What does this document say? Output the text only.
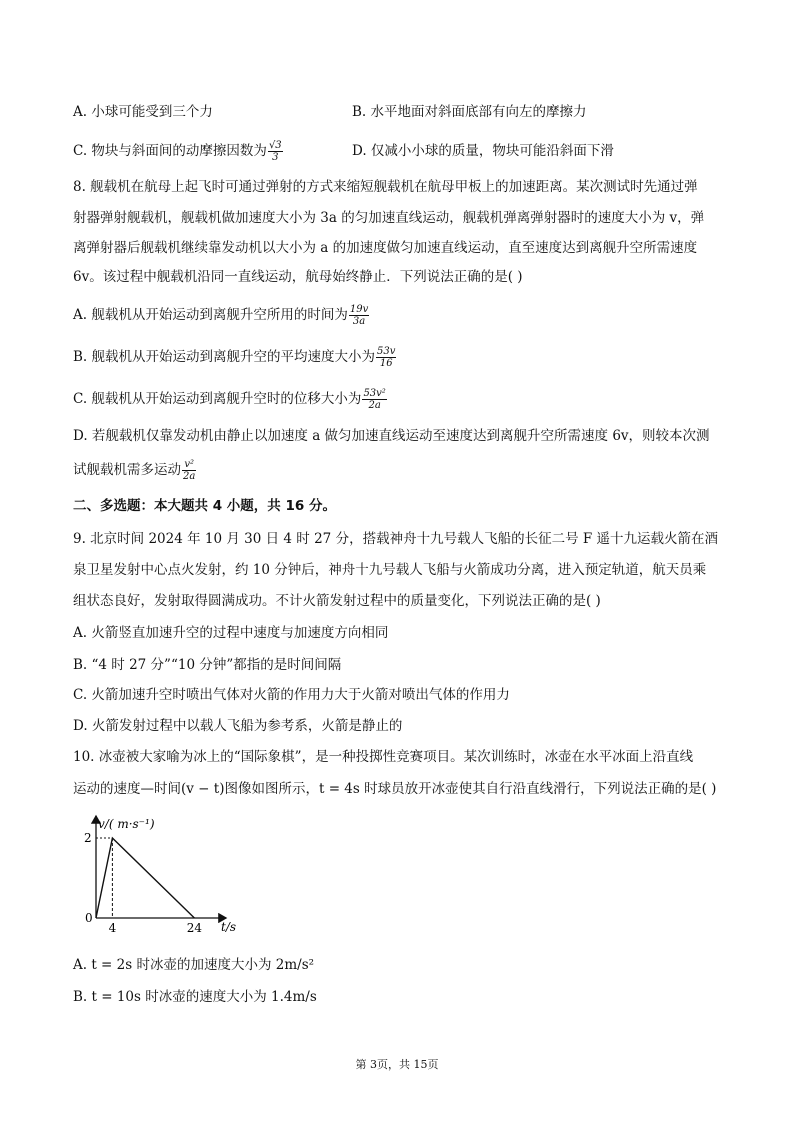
A. 小球可能受到三个力	B. 水平地面对斜面底部有向左的摩擦力
C. 物块与斜面间的动摩擦因数为 $\frac{√3}{3}$	D. 仅减小小球的质量，物块可能沿斜面下滑
8. 舰载机在航母上起飞时可通过弹射的方式来缩短舰载机在航母甲板上的加速距离。某次测试时先通过弹
射器弹射舰载机，舰载机做加速度大小为 3a 的匀加速直线运动，舰载机弹离弹射器时的速度大小为 v，弹
离弹射器后舰载机继续靠发动机以大小为 a 的加速度做匀加速直线运动，直至速度达到离舰升空所需速度
6v。该过程中舰载机沿同一直线运动，航母始终静止．下列说法正确的是( )
A. 舰载机从开始运动到离舰升空所用的时间为 $\frac{19v}{3a}$
B. 舰载机从开始运动到离舰升空的平均速度大小为 $\frac{53v}{16}$
C. 舰载机从开始运动到离舰升空时的位移大小为 $\frac{\text{53v²}}{2a}$
D. 若舰载机仅靠发动机由静止以加速度 a 做匀加速直线运动至速度达到离舰升空所需速度 6v，则较本次测
试舰载机需多运动 $\frac{\text{v²}}{2a}$
二、多选题：本大题共 4 小题，共 16 分。
9. 北京时间 2024 年 10 月 30 日 4 时 27 分，搭载神舟十九号载人飞船的长征二号 F 遥十九运载火箭在酒
泉卫星发射中心点火发射，约 10 分钟后，神舟十九号载人飞船与火箭成功分离，进入预定轨道，航天员乘
组状态良好，发射取得圆满成功。不计火箭发射过程中的质量变化，下列说法正确的是( )
A. 火箭竖直加速升空的过程中速度与加速度方向相同
B. “4 时 27 分”“10 分钟”都指的是时间间隔
C. 火箭加速升空时喷出气体对火箭的作用力大于火箭对喷出气体的作用力
D. 火箭发射过程中以载人飞船为参考系，火箭是静止的
10. 冰壶被大家喻为冰上的“国际象棋”，是一种投掷性竞赛项目。某次训练时，冰壶在水平冰面上沿直线
运动的速度—时间(v − t)图像如图所示，t = 4s 时球员放开冰壶使其自行沿直线滑行，下列说法正确的是( )
v/( m·s⁻¹)
t/s
0
2
4	24
A. t = 2s 时冰壶的加速度大小为 2m/s²
B. t = 10s 时冰壶的速度大小为 1.4m/s
第 3页，共 15页
